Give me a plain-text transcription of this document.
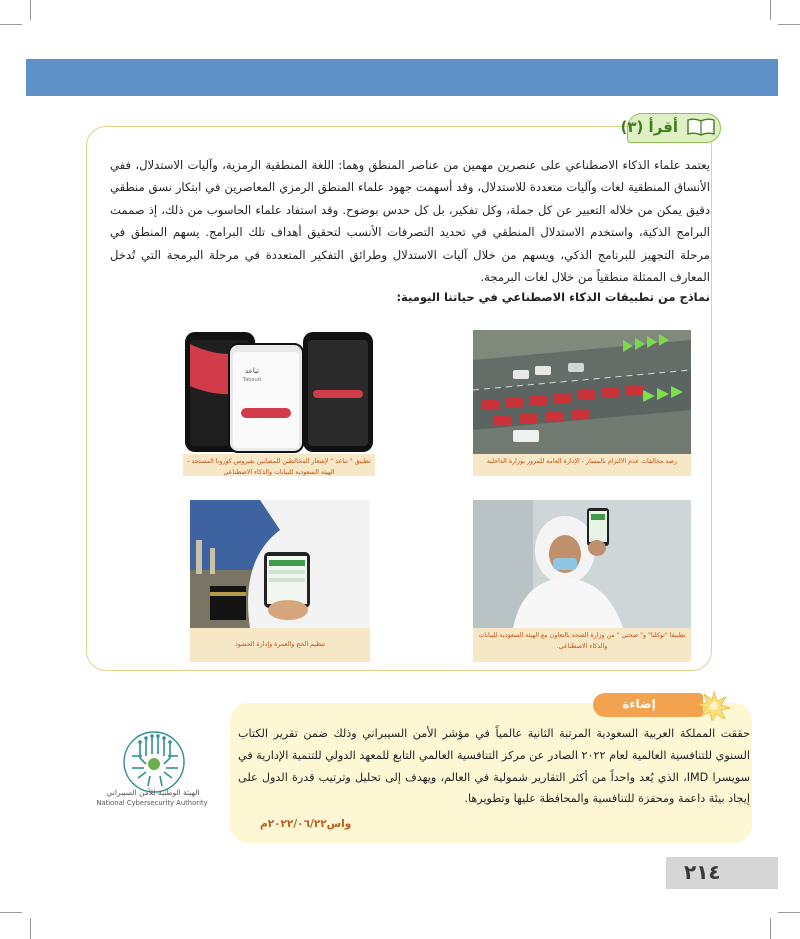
أقرأ (٣)

يعتمد علماء الذكاء الاصطناعي على عنصرين مهمين من عناصر المنطق وهما: اللغة المنطقية الرمزية، وآليات الاستدلال، ففي الأنساق المنطقية لغات وآليات متعددة للاستدلال، وقد أسهمت جهود علماء المنطق الرمزي المعاصرين في ابتكار نسق منطقي دقيق يمكن من خلاله التعبير عن كل جملة، وكل تفكير، بل كل حدس بوضوح. وقد استفاد علماء الحاسوب من ذلك، إذ صممت البرامج الذكية، واستخدم الاستدلال المنطقي في تحديد التصرفات الأنسب لتحقيق أهداف تلك البرامج. يسهم المنطق في مرحلة التجهيز للبرنامج الذكي، ويسهم من خلال آليات الاستدلال وطرائق التفكير المتعددة في مرحلة البرمجة التي تُدخل المعارف الممثلة منطقياً من خلال لغات البرمجة.

نماذج من تطبيقات الذكاء الاصطناعي في حياتنا اليومية:

رصد مخالفات عدم الالتزام بالمسار - الإدارة العامة للمرور بوزارة الداخلية
تباعد
Tabaud
تطبيق " تباعد " لإشعار المخالطين للمصابين بفيروس كورونا المستجد - الهيئة السعودية للبيانات والذكاء الاصطناعي
تطبيقا "توكلنا" و" صحتي " من وزارة الصحة بالتعاون مع الهيئة السعودية للبيانات والذكاء الاصطناعي.
تنظيم الحج والعمرة وإدارة الحشود
إضاءة

حققت المملكة العربية السعودية المرتبة الثانية عالمياً في مؤشر الأمن السيبراني وذلك ضمن تقرير الكتاب السنوي للتنافسية العالمية لعام ٢٠٢٢ الصادر عن مركز التنافسية العالمي التابع للمعهد الدولي للتنمية الإدارية في سويسرا IMD، الذي يُعد واحداً من أكثر التقارير شمولية في العالم، ويهدف إلى تحليل وترتيب قدرة الدول على إيجاد بيئة داعمة ومحفزة للتنافسية والمحافظة عليها وتطويرها.

واس٢٠٢٢/٠٦/٢٢م
الهيئة الوطنية للأمن السيبراني
National Cybersecurity Authority
٢١٤
